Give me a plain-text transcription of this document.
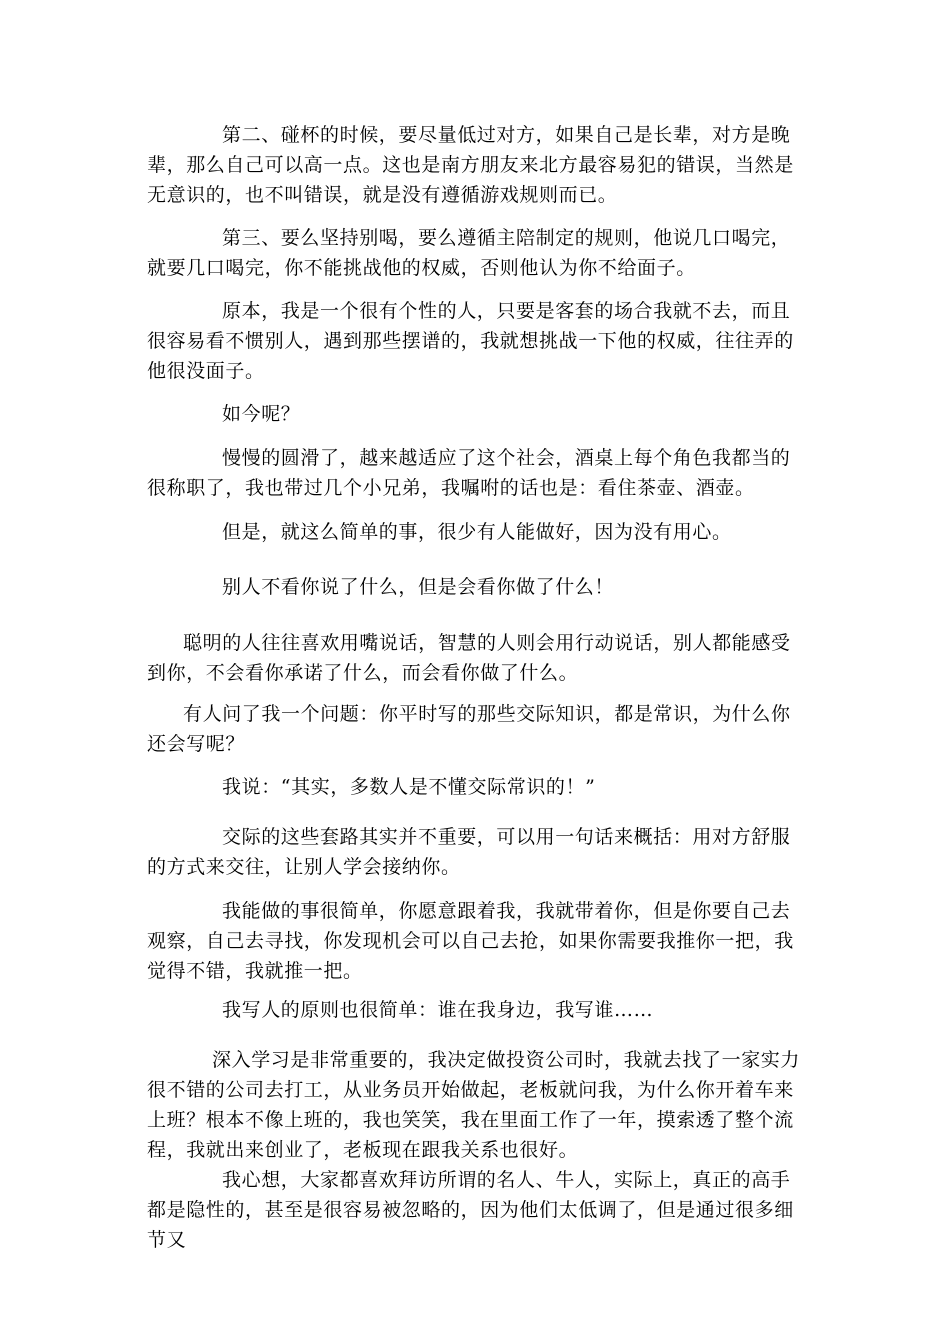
第二、碰杯的时候，要尽量低过对方，如果自己是长辈，对方是晚辈，那么自己可以高一点。这也是南方朋友来北方最容易犯的错误，当然是无意识的，也不叫错误，就是没有遵循游戏规则而已。

第三、要么坚持别喝，要么遵循主陪制定的规则，他说几口喝完，就要几口喝完，你不能挑战他的权威，否则他认为你不给面子。

原本，我是一个很有个性的人，只要是客套的场合我就不去，而且很容易看不惯别人，遇到那些摆谱的，我就想挑战一下他的权威，往往弄的他很没面子。

如今呢？

慢慢的圆滑了，越来越适应了这个社会，酒桌上每个角色我都当的很称职了，我也带过几个小兄弟，我嘱咐的话也是：看住茶壶、酒壶。

但是，就这么简单的事，很少有人能做好，因为没有用心。

别人不看你说了什么，但是会看你做了什么！

聪明的人往往喜欢用嘴说话，智慧的人则会用行动说话，别人都能感受到你，不会看你承诺了什么，而会看你做了什么。

有人问了我一个问题：你平时写的那些交际知识，都是常识，为什么你还会写呢？

我说：“其实，多数人是不懂交际常识的！”

交际的这些套路其实并不重要，可以用一句话来概括：用对方舒服的方式来交往，让别人学会接纳你。

我能做的事很简单，你愿意跟着我，我就带着你，但是你要自己去观察，自己去寻找，你发现机会可以自己去抢，如果你需要我推你一把，我觉得不错，我就推一把。

我写人的原则也很简单：谁在我身边，我写谁……

深入学习是非常重要的，我决定做投资公司时，我就去找了一家实力很不错的公司去打工，从业务员开始做起，老板就问我，为什么你开着车来上班？根本不像上班的，我也笑笑，我在里面工作了一年，摸索透了整个流程，我就出来创业了，老板现在跟我关系也很好。

我心想，大家都喜欢拜访所谓的名人、牛人，实际上，真正的高手都是隐性的，甚至是很容易被忽略的，因为他们太低调了，但是通过很多细节又
